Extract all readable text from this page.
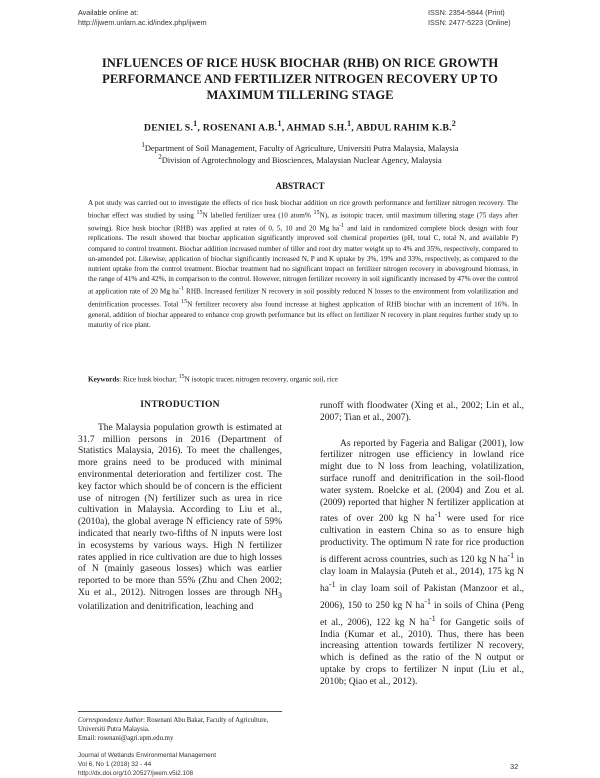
Available online at:
http://ijwem.unlam.ac.id/index.php/ijwem
ISSN: 2354-5844 (Print)
ISSN: 2477-5223 (Online)
INFLUENCES OF RICE HUSK BIOCHAR (RHB) ON RICE GROWTH
PERFORMANCE AND FERTILIZER NITROGEN RECOVERY UP TO
MAXIMUM TILLERING STAGE
DENIEL S.$^1$, ROSENANI A.B.$^1$, AHMAD S.H.$^1$, ABDUL RAHIM K.B.$^2$
$^1$Department of Soil Management, Faculty of Agriculture, Universiti Putra Malaysia, Malaysia
$^2$Division of Agrotechnology and Biosciences, Malaysian Nuclear Agency, Malaysia
ABSTRACT
A pot study was carried out to investigate the effects of rice husk biochar addition on rice growth performance and fertilizer nitrogen recovery. The biochar effect was studied by using $^{15}$N labelled fertilizer urea (10 atom% $^{15}$N), as isotopic tracer, until maximum tillering stage (75 days after sowing). Rice husk biochar (RHB) was applied at rates of 0, 5, 10 and 20 Mg $ha^{-1}$ and laid in randomized complete block design with four replications. The result showed that biochar application significantly improved soil chemical properties (pH, total C, total N, and available P) compared to control treatment. Biochar addition increased number of tiller and root dry matter weight up to 4% and 35%, respectively, compared to un-amended pot. Likewise, application of biochar significantly increased N, P and K uptake by 3%, 19% and 33%, respectively, as compared to the nutrient uptake from the control treatment. Biochar treatment had no significant impact on fertilizer nitrogen recovery in aboveground biomass, in the range of 41% and 42%, in comparison to the control. However, nitrogen fertilizer recovery in soil significantly increased by 47% over the control at application rate of 20 Mg $ha^{-1}$ RHB. Increased fertilizer N recovery in soil possibly reduced N losses to the environment from volatilization and denitrification processes. Total $^{15}$N fertilizer recovery also found increase at highest application of RHB biochar with an increment of 16%. In general, addition of biochar appeared to enhance crop growth performance but its effect on fertilizer N recovery in plant requires further study up to maturity of rice plant.
Keywords: Rice husk biochar; $^{15}$N isotopic tracer, nitrogen recovery, organic soil, rice
INTRODUCTION

The Malaysia population growth is estimated at 31.7 million persons in 2016 (Department of Statistics Malaysia, 2016). To meet the challenges, more grains need to be produced with minimal environmental deterioration and fertilizer cost. The key factor which should be of concern is the efficient use of nitrogen (N) fertilizer such as urea in rice cultivation in Malaysia. According to Liu et al., (2010a), the global average N efficiency rate of 59% indicated that nearly two-fifths of N inputs were lost in ecosystems by various ways. High N fertilizer rates applied in rice cultivation are due to high losses of N (mainly gaseous losses) which was earlier reported to be more than 55% (Zhu and Chen 2002; Xu et al., 2012). Nitrogen losses are through $NH_3$ volatilization and denitrification, leaching and

runoff with floodwater (Xing et al., 2002; Lin et al., 2007; Tian et al., 2007).

As reported by Fageria and Baligar (2001), low fertilizer nitrogen use efficiency in lowland rice might due to N loss from leaching, volatilization, surface runoff and denitrification in the soil-flood water system. Roelcke et al. (2004) and Zou et al. (2009) reported that higher N fertilizer application at rates of over 200 kg N $ha^{-1}$ were used for rice cultivation in eastern China so as to ensure high productivity. The optimum N rate for rice production is different across countries, such as 120 kg N $ha^{-1}$ in clay loam in Malaysia (Puteh et al., 2014), 175 kg N $ha^{-1}$ in clay loam soil of Pakistan (Manzoor et al., 2006), 150 to 250 kg N $ha^{-1}$ in soils of China (Peng et al., 2006), 122 kg N $ha^{-1}$ for Gangetic soils of India (Kumar et al., 2010). Thus, there has been increasing attention towards fertilizer N recovery, which is defined as the ratio of the N output or uptake by crops to fertilizer N input (Liu et al., 2010b; Qiao et al., 2012).

Correspondence Author: Rosenani Abu Bakar, Faculty of Agriculture, Universiti Putra Malaysia.
Email: rosenani@agri.upm.edu.my
Journal of Wetlands Environmental Management
Vol 6, No 1 (2018) 32 - 44
http://dx.doi.org/10.20527/jwem.v5i2.108
32
